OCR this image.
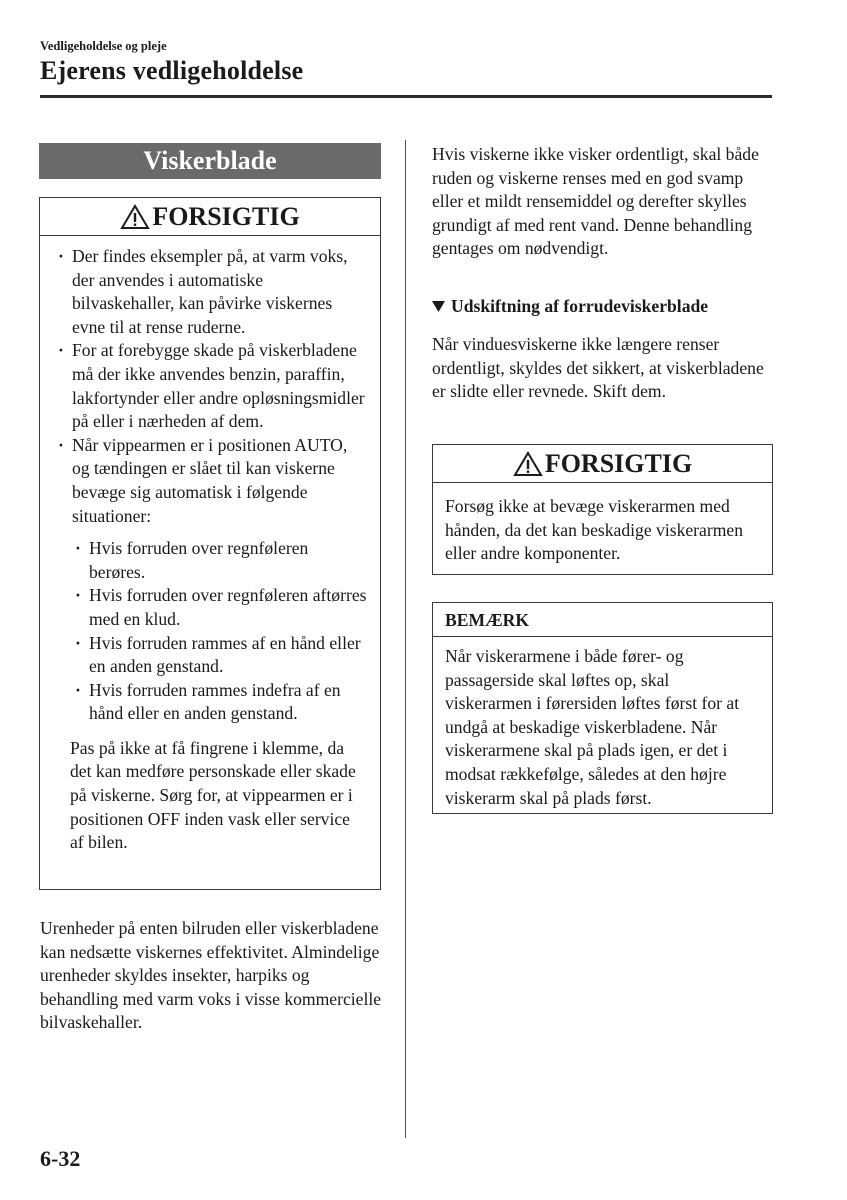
Vedligeholdelse og pleje
Ejerens vedligeholdelse
Viskerblade
FORSIGTIG

· Der findes eksempler på, at varm voks, der anvendes i automatiske bilvaskehaller, kan påvirke viskernes evne til at rense ruderne.

· For at forebygge skade på viskerbladene må der ikke anvendes benzin, paraffin, lakfortynder eller andre opløsningsmidler på eller i nærheden af dem.

· Når vippearmen er i positionen AUTO, og tændingen er slået til kan viskerne bevæge sig automatisk i følgende situationer:

· Hvis forruden over regnføleren berøres.

· Hvis forruden over regnføleren aftørres med en klud.

· Hvis forruden rammes af en hånd eller en anden genstand.

· Hvis forruden rammes indefra af en hånd eller en anden genstand.

Pas på ikke at få fingrene i klemme, da det kan medføre personskade eller skade på viskerne. Sørg for, at vippearmen er i positionen OFF inden vask eller service af bilen.

Urenheder på enten bilruden eller viskerbladene kan nedsætte viskernes effektivitet. Almindelige urenheder skyldes insekter, harpiks og behandling med varm voks i visse kommercielle bilvaskehaller.
Hvis viskerne ikke visker ordentligt, skal både ruden og viskerne renses med en god svamp eller et mildt rensemiddel og derefter skylles grundigt af med rent vand. Denne behandling gentages om nødvendigt.
Udskiftning af forrudeviskerblade
Når vinduesviskerne ikke længere renser ordentligt, skyldes det sikkert, at viskerbladene er slidte eller revnede. Skift dem.
FORSIGTIG
Forsøg ikke at bevæge viskerarmen med hånden, da det kan beskadige viskerarmen eller andre komponenter.
BEMÆRK
Når viskerarmene i både fører- og passagerside skal løftes op, skal viskerarmen i førersiden løftes først for at undgå at beskadige viskerbladene. Når viskerarmene skal på plads igen, er det i modsat rækkefølge, således at den højre viskerarm skal på plads først.
6-32
